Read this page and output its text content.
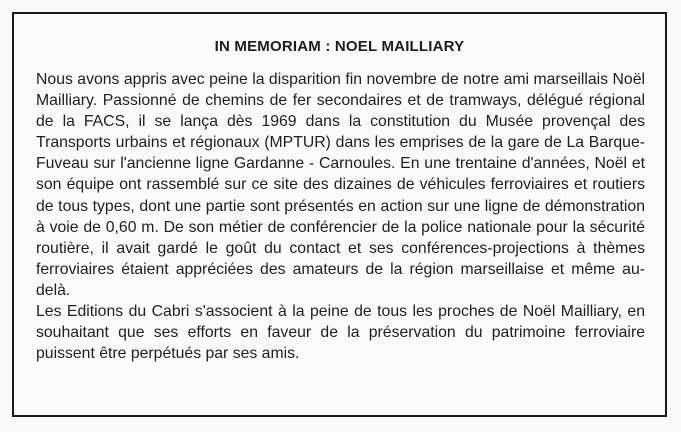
IN MEMORIAM : NOEL MAILLIARY

Nous avons appris avec peine la disparition fin novembre de notre ami marseillais Noël Mailliary. Passionné de chemins de fer secondaires et de tramways, délégué régional de la FACS, il se lança dès 1969 dans la constitution du Musée provençal des Transports urbains et régionaux (MPTUR) dans les emprises de la gare de La Barque-Fuveau sur l'ancienne ligne Gardanne - Carnoules. En une trentaine d'années, Noël et son équipe ont rassemblé sur ce site des dizaines de véhicules ferroviaires et routiers de tous types, dont une partie sont présentés en action sur une ligne de démonstration à voie de 0,60 m. De son métier de conférencier de la police nationale pour la sécurité routière, il avait gardé le goût du contact et ses conférences-projections à thèmes ferroviaires étaient appréciées des amateurs de la région marseillaise et même au-delà.

Les Editions du Cabri s'associent à la peine de tous les proches de Noël Mailliary, en souhaitant que ses efforts en faveur de la préservation du patrimoine ferroviaire puissent être perpétués par ses amis.
